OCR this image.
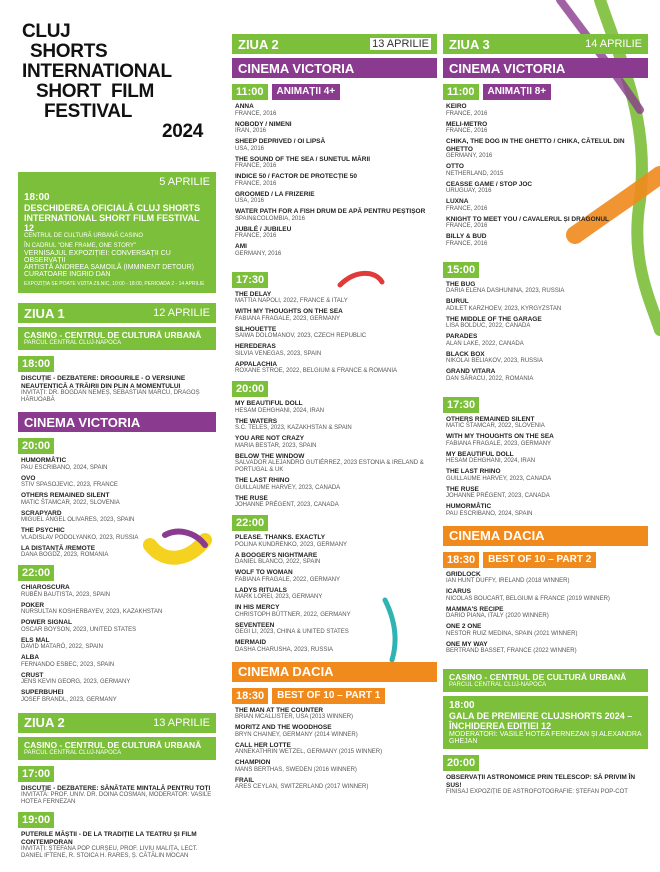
CLUJ
SHORTS
INTERNATIONAL
SHORT  FILM
FESTIVAL
2024
5 APRILIE
18:00
DESCHIDEREA OFICIALĂ CLUJ SHORTS INTERNATIONAL SHORT FILM FESTIVAL 12
CENTRUL DE CULTURĂ URBANĂ CASINO
ÎN CADRUL "ONE FRAME, ONE STORY"
VERNISAJUL EXPOZIȚIEI: CONVERSAȚII CU OBSERVAȚII
ARTISTĂ ANDREEA SAMOILĂ (IMMINENT DETOUR)
CURATOARE INGRID DAN
EXPOZIȚIA SE POATE VIZITA ZILNIC, 10:00 - 18:00, PERIOADA 2 - 14 APRILIE
ZIUA 1	12 APRILIE
CASINO - CENTRUL DE CULTURĂ URBANĂ
PARCUL CENTRAL CLUJ-NAPOCA
18:00
DISCUȚIE - DEZBATERE: DROGURILE - O VERSIUNE NEAUTENTICĂ A TRĂIRII DIN PLIN A MOMENTULUI
INVITAȚI: DR. BOGDAN NEMEȘ, SEBASTIAN MARCU, DRAGOȘ HĂRUOABĂ
CINEMA VICTORIA
20:00
HUMORMÂTIC
PAU ESCRIBANO, 2024, SPAIN
OVO
STIV SPASOJEVIC, 2023, FRANCE
OTHERS REMAINED SILENT
MATIC ŠTAMCAR, 2022, SLOVENIA
SCRAPYARD
MIGUEL ÁNGEL OLIVARES, 2023, SPAIN
THE PSYCHIC
VLADISLAV PODOLYANKO, 2023, RUSSIA
LA DISTANȚĂ /REMOTE
DANA BOGDZ, 2023, ROMANIA
22:00
CHIAROSCURA
RUBÉN BAUTISTA, 2023, SPAIN
POKER
NURSULTAN KOSHERBAYEV, 2023, KAZAKHSTAN
POWER SIGNAL
OSCAR BOYSON, 2023, UNITED STATES
ELS MAL
DAVID MATARÓ, 2022, SPAIN
ALBA
FERNANDO ESBEC, 2023, SPAIN
CRUST
JENS KEVIN GEORG, 2023, GERMANY
SUPERBUHEI
JOSEF BRANDL, 2023, GERMANY
ZIUA 2	13 APRILIE
CASINO - CENTRUL DE CULTURĂ URBANĂ
PARCUL CENTRAL CLUJ-NAPOCA
17:00
DISCUȚIE - DEZBATERE: SĂNĂTATE MINTALĂ PENTRU TOȚI
INVITATĂ: PROF. UNIV. DR. DOINA COSMAN, MODERATOR: VASILE HOTEA FERNEZAN
19:00
PUTERILE MĂȘTII - DE LA TRADIȚIE LA TEATRU ȘI FILM CONTEMPORAN
INVITAȚI: ȘTEFANA POP CURȘEU, PROF. LIVIU MALIȚA, LECT. DANIEL IFTENE, R. STOICA H. RARES, Ș. CĂTĂLIN MOCAN
ZIUA 2	13 APRILIE
CINEMA VICTORIA
11:00	ANIMAȚII 4+
ANNA
FRANCE, 2016
NOBODY / NIMENI
IRAN, 2016
SHEEP DEPRIVED / OI LIPSĂ
USA, 2016
THE SOUND OF THE SEA / SUNETUL MĂRII
FRANCE, 2016
INDICE 50 / FACTOR DE PROTECȚIE 50
FRANCE, 2016
GROOMED / LA FRIZERIE
USA, 2016
WATER PATH FOR A FISH DRUM DE APĂ PENTRU PEȘTIȘOR
SPAIN&COLOMBIA, 2016
JUBILÉ / JUBILEU
FRANCE, 2016
AMI
GERMANY, 2016
17:30
THE DELAY
MATTIA NAPOLI, 2022, FRANCE & ITALY
WITH MY THOUGHTS ON THE SEA
FABIANA FRAGALE, 2023, GERMANY
SILHOUETTE
SAIWA DOLOMANOV, 2023, CZECH REPUBLIC
HEREDERAS
SILVIA VENEGAS, 2023, SPAIN
APPALACHIA
ROXANE STROE, 2022, BELGIUM & FRANCE & ROMANIA
20:00
MY BEAUTIFUL DOLL
HESAM DEHGHANI, 2024, IRAN
THE WATERS
S.C. TELES, 2023, KAZAKHSTAN & SPAIN
YOU ARE NOT CRAZY
MARIA BESTAR, 2023, SPAIN
BELOW THE WINDOW
SALVADOR ALEJANDRO GUTIÉRREZ, 2023 ESTONIA & IRELAND & PORTUGAL & UK
THE LAST RHINO
GUILLAUME HARVEY, 2023, CANADA
THE RUSE
JOHANNE PRÉGENT, 2023, CANADA
22:00
PLEASE. THANKS. EXACTLY
POLINA KUNDRENKO, 2023, GERMANY
A BOOGER'S NIGHTMARE
DANIEL BLANCO, 2022, SPAIN
WOLF TO WOMAN
FABIANA FRAGALE, 2022, GERMANY
LADYS RITUALS
MARK LOREI, 2023, GERMANY
IN HIS MERCY
CHRISTOPH BÜTTNER, 2022, GERMANY
SEVENTEEN
GEGI LI, 2023, CHINA & UNITED STATES
MERMAID
DASHA CHARUSHA, 2023, RUSSIA
CINEMA DACIA
18:30	BEST OF 10 – PART 1
THE MAN AT THE COUNTER
BRIAN MCALLISTER, USA (2013 WINNER)
MORITZ AND THE WOODHOSE
BRYN CHAINEY, GERMANY (2014 WINNER)
CALL HER LOTTE
ANNEKATHRIN WETZEL, GERMANY (2015 WINNER)
CHAMPION
MANS BERTHAS, SWEDEN (2016 WINNER)
FRAIL
ARES CEYLAN, SWITZERLAND (2017 WINNER)
ZIUA 3	14 APRILIE
CINEMA VICTORIA
11:00	ANIMAȚII 8+
KEIRO
FRANCE, 2016
MELI-METRO
FRANCE, 2016
CHIKA, THE DOG IN THE GHETTO / CHIKA, CĂTELUL DIN GHETTO
GERMANY, 2016
OTTO
NETHERLAND, 2015
CEASSE GAME / STOP JOC
URUGUAY, 2016
LUXNA
FRANCE, 2016
KNIGHT TO MEET YOU / CAVALERUL ȘI DRAGONUL
FRANCE, 2016
BILLY & BUD
FRANCE, 2016
15:00
THE BUG
DARIA ELENA DASHUNINA, 2023, RUSSIA
BURUL
ADILET KARZHOEV, 2023, KYRGYZSTAN
THE MIDDLE OF THE GARAGE
LISA BOLDUC, 2022, CANADA
PARADES
ALAN LAKE, 2022, CANADA
BLACK BOX
NIKOLAI BELIAKOV, 2023, RUSSIA
GRAND VITARA
DAN SĂRACU, 2022, ROMANIA
17:30
OTHERS REMAINED SILENT
MATIC ŠTAMCAR, 2022, SLOVENIA
WITH MY THOUGHTS ON THE SEA
FABIANA FRAGALE, 2023, GERMANY
MY BEAUTIFUL DOLL
HESAM DEHGHANI, 2024, IRAN
THE LAST RHINO
GUILLAUME HARVEY, 2023, CANADA
THE RUSE
JOHANNE PRÉGENT, 2023, CANADA
HUMORMÂTIC
PAU ESCRIBANO, 2024, SPAIN
CINEMA DACIA
18:30	BEST OF 10 – PART 2
GRIDLOCK
IAN HUNT DUFFY, IRELAND (2018 WINNER)
ICARUS
NICOLAS BOUCART, BELGIUM & FRANCE (2019 WINNER)
MAMMA'S RECIPE
DARIO PIANA, ITALY (2020 WINNER)
ONE 2 ONE
NESTOR RUIZ MEDINA, SPAIN (2021 WINNER)
ONE MY WAY
BERTRAND BASSET, FRANCE (2022 WINNER)
CASINO - CENTRUL DE CULTURĂ URBANĂ
PARCUL CENTRAL CLUJ-NAPOCA
18:00
GALA DE PREMIERE CLUJSHORTS 2024 – ÎNCHIDEREA EDIȚIEI 12
MODERATORI: VASILE HOTEA FERNEZAN ȘI ALEXANDRA GHEJAN
20:00
OBSERVAȚII ASTRONOMICE PRIN TELESCOP: SĂ PRIVIM ÎN SUS!
FINISAJ EXPOZIȚIE DE ASTROFOTOGRAFIE: ȘTEFAN POP-COT
